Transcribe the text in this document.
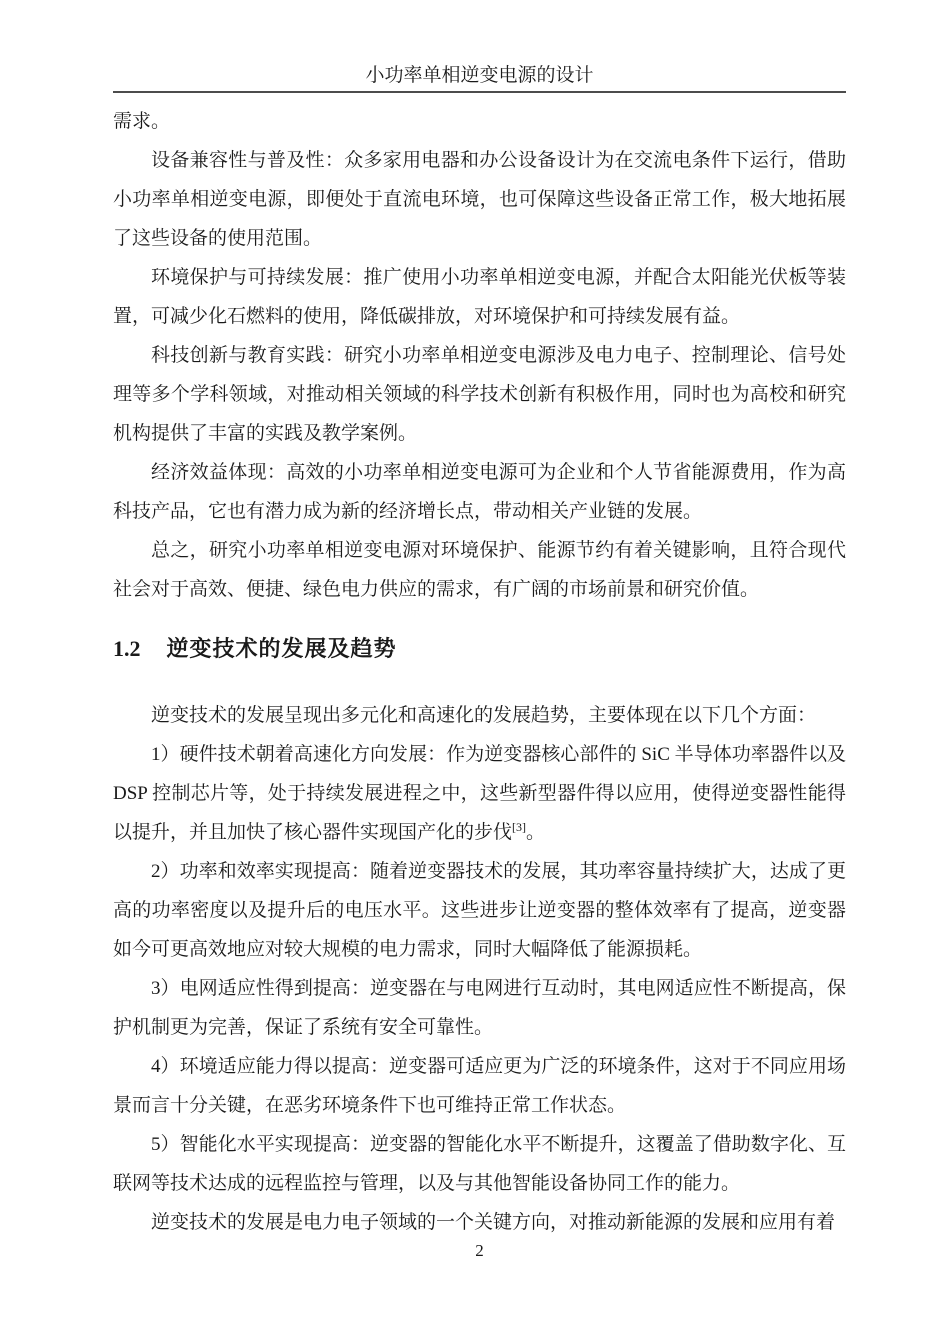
小功率单相逆变电源的设计

需求。

设备兼容性与普及性：众多家用电器和办公设备设计为在交流电条件下运行，借助小功率单相逆变电源，即便处于直流电环境，也可保障这些设备正常工作，极大地拓展了这些设备的使用范围。

环境保护与可持续发展：推广使用小功率单相逆变电源，并配合太阳能光伏板等装置，可减少化石燃料的使用，降低碳排放，对环境保护和可持续发展有益。

科技创新与教育实践：研究小功率单相逆变电源涉及电力电子、控制理论、信号处理等多个学科领域，对推动相关领域的科学技术创新有积极作用，同时也为高校和研究机构提供了丰富的实践及教学案例。

经济效益体现：高效的小功率单相逆变电源可为企业和个人节省能源费用，作为高科技产品，它也有潜力成为新的经济增长点，带动相关产业链的发展。

总之，研究小功率单相逆变电源对环境保护、能源节约有着关键影响，且符合现代社会对于高效、便捷、绿色电力供应的需求，有广阔的市场前景和研究价值。

1.2 逆变技术的发展及趋势

逆变技术的发展呈现出多元化和高速化的发展趋势，主要体现在以下几个方面：

1）硬件技术朝着高速化方向发展：作为逆变器核心部件的 SiC 半导体功率器件以及 DSP 控制芯片等，处于持续发展进程之中，这些新型器件得以应用，使得逆变器性能得以提升，并且加快了核心器件实现国产化的步伐[3]。

2）功率和效率实现提高：随着逆变器技术的发展，其功率容量持续扩大，达成了更高的功率密度以及提升后的电压水平。这些进步让逆变器的整体效率有了提高，逆变器如今可更高效地应对较大规模的电力需求，同时大幅降低了能源损耗。

3）电网适应性得到提高：逆变器在与电网进行互动时，其电网适应性不断提高，保护机制更为完善，保证了系统有安全可靠性。

4）环境适应能力得以提高：逆变器可适应更为广泛的环境条件，这对于不同应用场景而言十分关键，在恶劣环境条件下也可维持正常工作状态。

5）智能化水平实现提高：逆变器的智能化水平不断提升，这覆盖了借助数字化、互联网等技术达成的远程监控与管理，以及与其他智能设备协同工作的能力。

逆变技术的发展是电力电子领域的一个关键方向，对推动新能源的发展和应用有着

2
